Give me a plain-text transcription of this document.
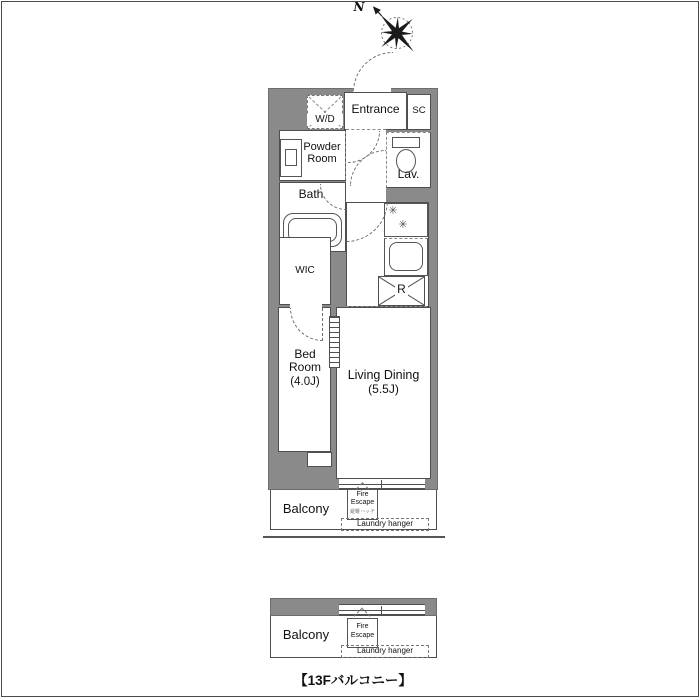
N
Entrance	SC
W/D
Powder
Room
Lav.
Bath
WIC
✳
✳
R
Bed
Room
(4.0J)	Living Dining
(5.5J)
Balcony
Fire
Escape
避難ハッチ
Laundry hanger
Balcony
Fire
Escape
Laundry hanger
【13Fバルコニー】
